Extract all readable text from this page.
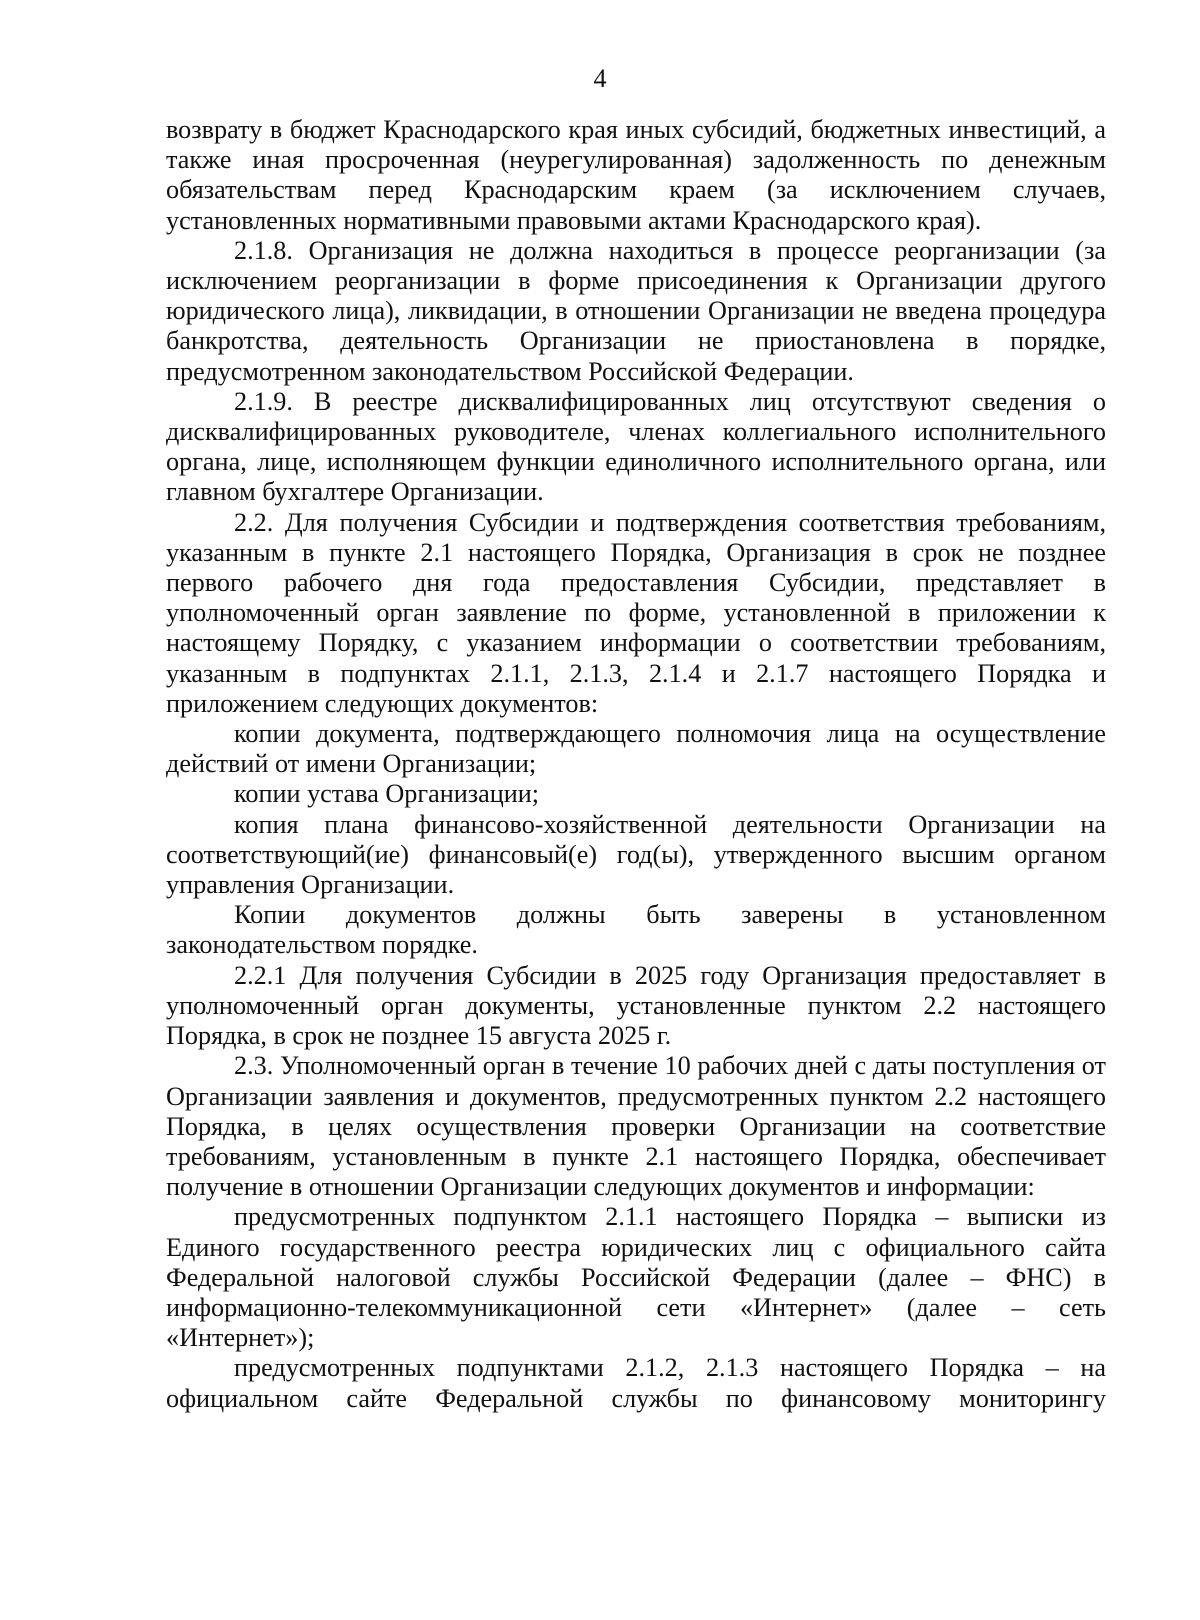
4

возврату в бюджет Краснодарского края иных субсидий, бюджетных инвестиций, а также иная просроченная (неурегулированная) задолженность по денежным обязательствам перед Краснодарским краем (за исключением случаев, установленных нормативными правовыми актами Краснодарского края).

2.1.8. Организация не должна находиться в процессе реорганизации (за исключением реорганизации в форме присоединения к Организации другого юридического лица), ликвидации, в отношении Организации не введена процедура банкротства, деятельность Организации не приостановлена в порядке, предусмотренном законодательством Российской Федерации.

2.1.9. В реестре дисквалифицированных лиц отсутствуют сведения о дисквалифицированных руководителе, членах коллегиального исполнительного органа, лице, исполняющем функции единоличного исполнительного органа, или главном бухгалтере Организации.

2.2. Для получения Субсидии и подтверждения соответствия требованиям, указанным в пункте 2.1 настоящего Порядка, Организация в срок не позднее первого рабочего дня года предоставления Субсидии, представляет в уполномоченный орган заявление по форме, установленной в приложении к настоящему Порядку, с указанием информации о соответствии требованиям, указанным в подпунктах 2.1.1, 2.1.3, 2.1.4 и 2.1.7 настоящего Порядка и приложением следующих документов:

копии документа, подтверждающего полномочия лица на осуществление действий от имени Организации;

копии устава Организации;

копия плана финансово-хозяйственной деятельности Организации на соответствующий(ие) финансовый(е) год(ы), утвержденного высшим органом управления Организации.

Копии документов должны быть заверены в установленном законодательством порядке.

2.2.1 Для получения Субсидии в 2025 году Организация предоставляет в уполномоченный орган документы, установленные пунктом 2.2 настоящего Порядка, в срок не позднее 15 августа 2025 г.

2.3. Уполномоченный орган в течение 10 рабочих дней с даты поступления от Организации заявления и документов, предусмотренных пунктом 2.2 настоящего Порядка, в целях осуществления проверки Организации на соответствие требованиям, установленным в пункте 2.1 настоящего Порядка, обеспечивает получение в отношении Организации следующих документов и информации:

предусмотренных подпунктом 2.1.1 настоящего Порядка – выписки из Единого государственного реестра юридических лиц с официального сайта Федеральной налоговой службы Российской Федерации (далее – ФНС) в информационно-телекоммуникационной сети «Интернет» (далее – сеть «Интернет»);

предусмотренных подпунктами 2.1.2, 2.1.3 настоящего Порядка – на официальном сайте Федеральной службы по финансовому мониторингу
